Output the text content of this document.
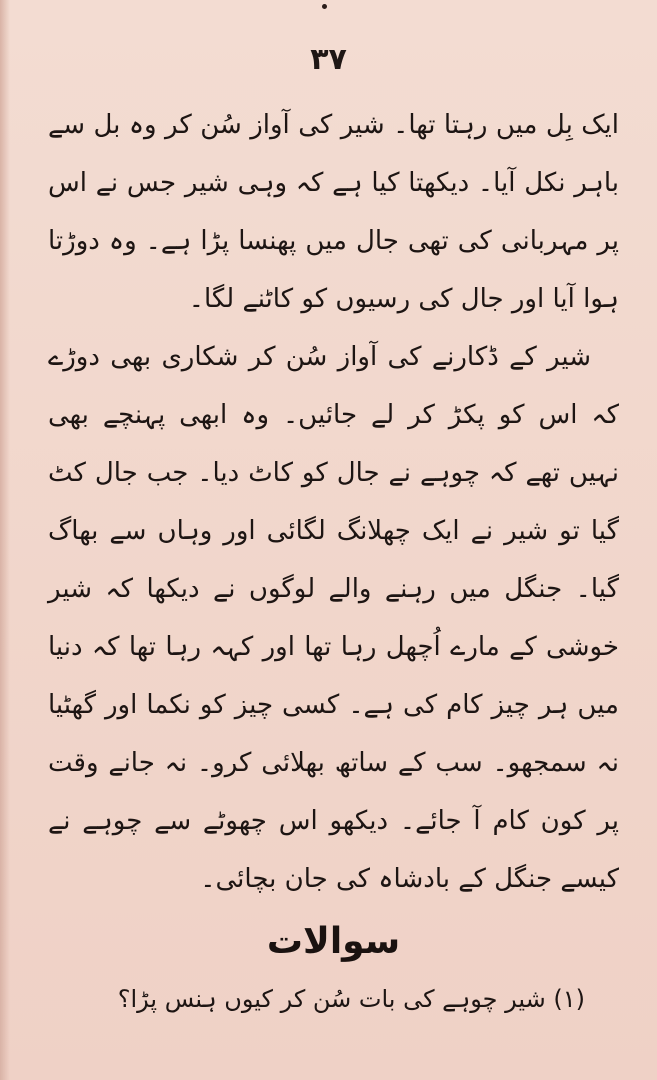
۳۷

ایک بِل میں رہتا تھا۔ شیر کی آواز سُن کر وہ بل سے باہر نکل آیا۔ دیکھتا کیا ہے کہ وہی شیر جس نے اس پر مہربانی کی تھی جال میں پھنسا پڑا ہے۔ وہ دوڑتا ہوا آیا اور جال کی رسیوں کو کاٹنے لگا۔

شیر کے ڈکارنے کی آواز سُن کر شکاری بھی دوڑے کہ اس کو پکڑ کر لے جائیں۔ وہ ابھی پہنچے بھی نہیں تھے کہ چوہے نے جال کو کاٹ دیا۔ جب جال کٹ گیا تو شیر نے ایک چھلانگ لگائی اور وہاں سے بھاگ گیا۔ جنگل میں رہنے والے لوگوں نے دیکھا کہ شیر خوشی کے مارے اُچھل رہا تھا اور کہہ رہا تھا کہ دنیا میں ہر چیز کام کی ہے۔ کسی چیز کو نکما اور گھٹیا نہ سمجھو۔ سب کے ساتھ بھلائی کرو۔ نہ جانے وقت پر کون کام آ جائے۔ دیکھو اس چھوٹے سے چوہے نے کیسے جنگل کے بادشاہ کی جان بچائی۔

سوالات

(۱) شیر چوہے کی بات سُن کر کیوں ہنس پڑا؟
